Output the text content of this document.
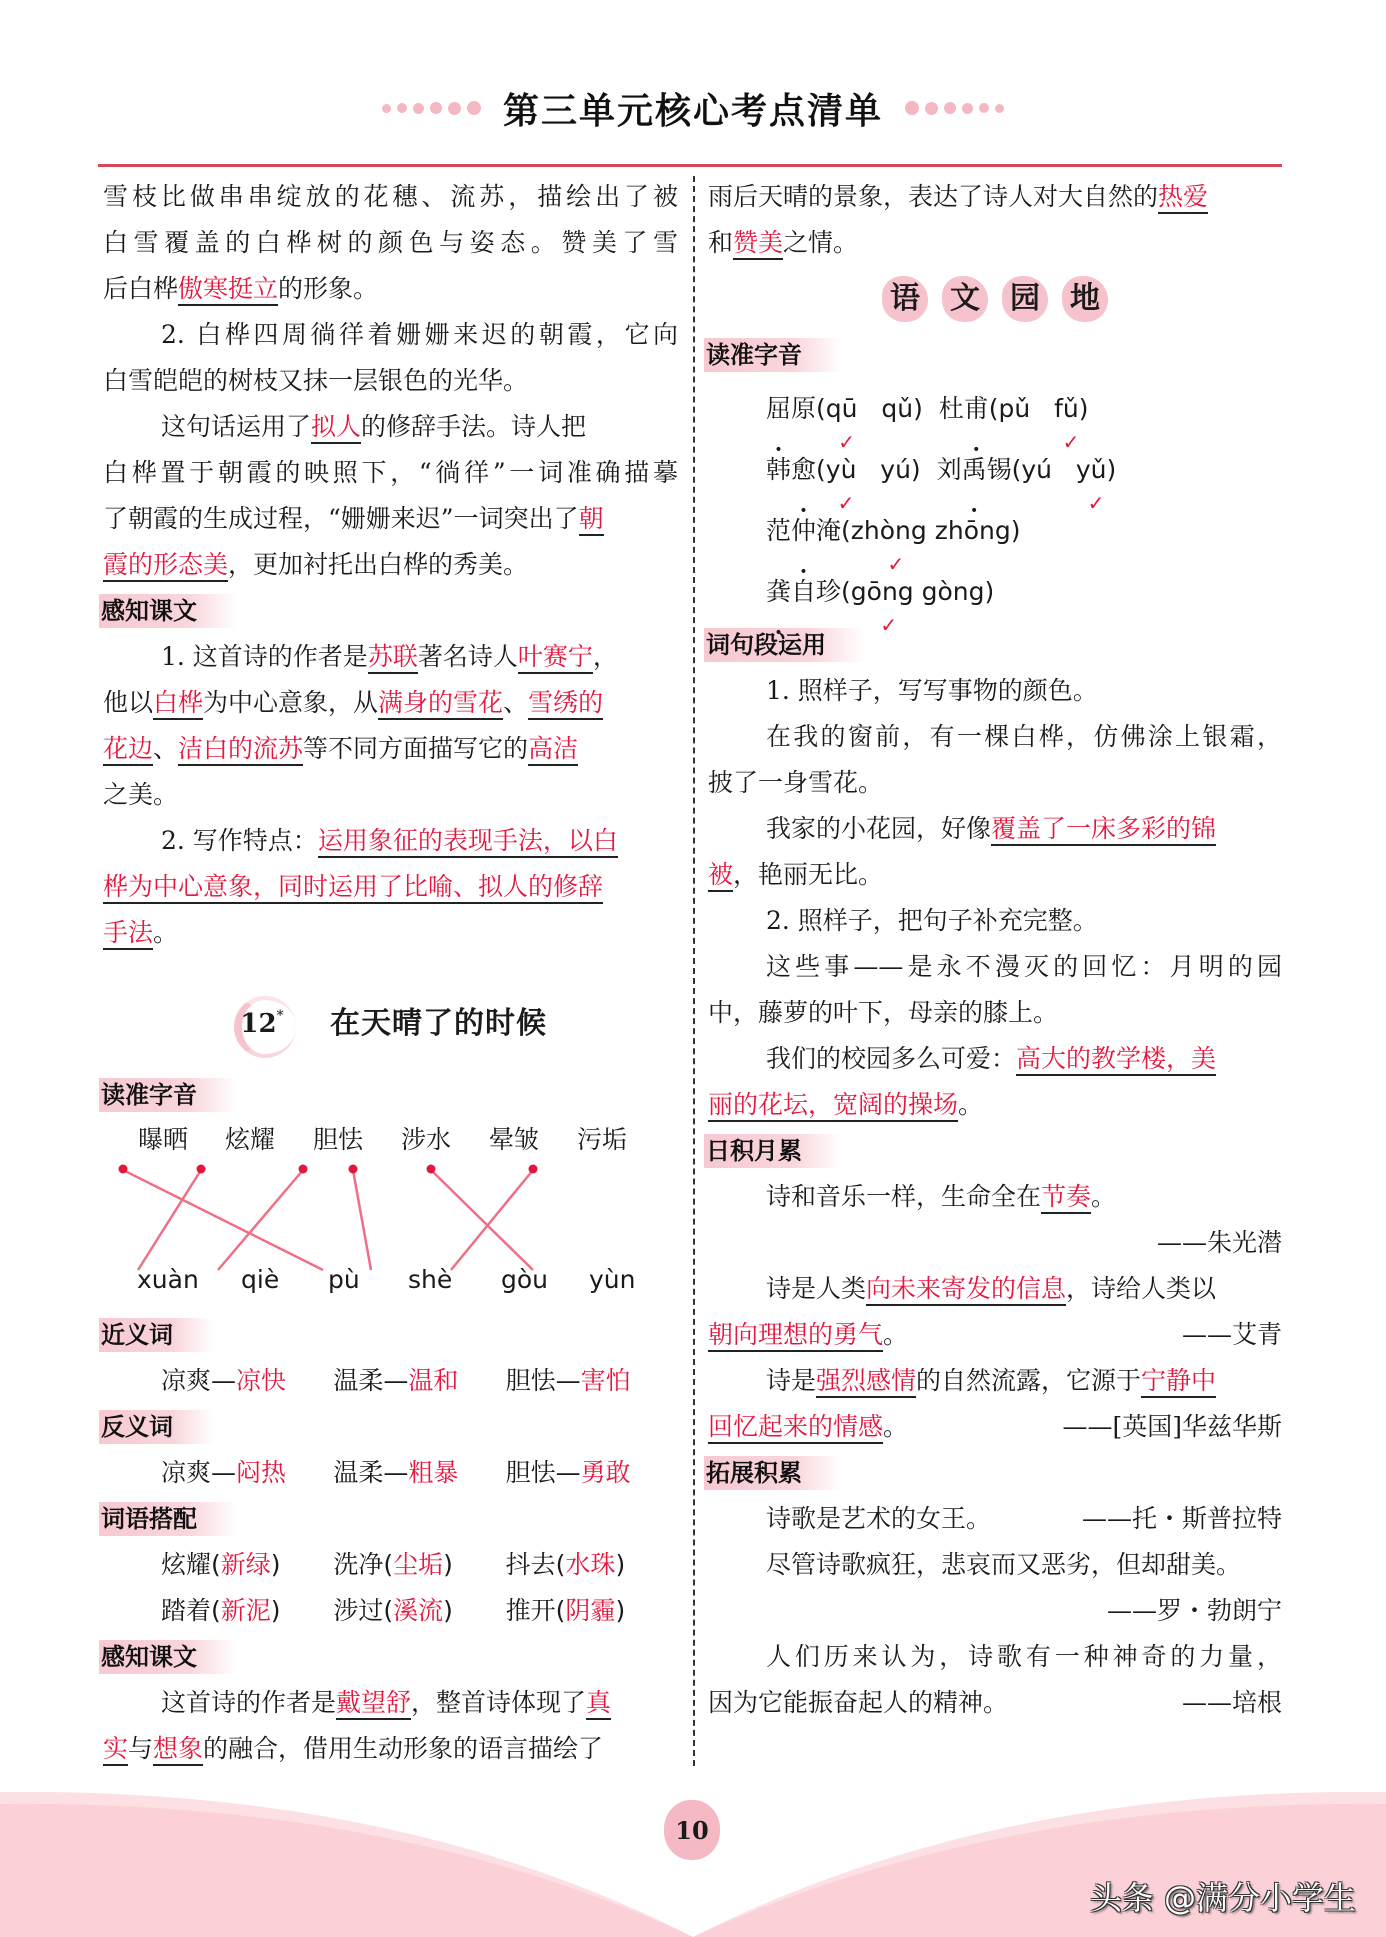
第三单元核心考点清单

雪枝比做串串绽放的花穗、流苏，描绘出了被

白雪覆盖的白桦树的颜色与姿态。赞美了雪

后白桦傲寒挺立的形象。

2. 白桦四周徜徉着姗姗来迟的朝霞，它向

白雪皑皑的树枝又抹一层银色的光华。

这句话运用了拟人的修辞手法。诗人把

白桦置于朝霞的映照下，“徜徉”一词准确描摹

了朝霞的生成过程，“姗姗来迟”一词突出了朝

霞的形态美，更加衬托出白桦的秀美。

感知课文

1. 这首诗的作者是苏联著名诗人叶赛宁，

他以白桦为中心意象，从满身的雪花、雪绣的

花边、洁白的流苏等不同方面描写它的高洁

之美。

2. 写作特点：运用象征的表现手法，以白

桦为中心意象，同时运用了比喻、拟人的修辞

手法。

12* 在天晴了的时候
读准字音
曝晒 炫耀 胆怯 涉水 晕皱 污垢
xuàn qiè pù shè gòu yùn
近义词
凉爽—凉快	温柔—温和	胆怯—害怕
反义词
凉爽—闷热	温柔—粗暴	胆怯—勇敢
词语搭配
炫耀(新绿)	洗净(尘垢)	抖去(水珠)
踏着(新泥)	涉过(溪流)	推开(阴霾)
感知课文

这首诗的作者是戴望舒，整首诗体现了真

实与想象的融合，借用生动形象的语言描绘了

雨后天晴的景象，表达了诗人对大自然的热爱

和赞美之情。

语 文 园 地
读准字音

屈原(qū ✓ qǔ)  杜甫(pǔ fǔ ✓)

韩愈(yù ✓ yú)  刘禹锡(yú yǔ ✓)

范仲淹(zhòng ✓ zhōng)

龚自珍(gōng ✓ gòng)

词句段运用

1. 照样子，写写事物的颜色。

在我的窗前，有一棵白桦，仿佛涂上银霜，

披了一身雪花。

我家的小花园，好像覆盖了一床多彩的锦

被，艳丽无比。

2. 照样子，把句子补充完整。

这些事——是永不漫灭的回忆：月明的园

中，藤萝的叶下，母亲的膝上。

我们的校园多么可爱：高大的教学楼，美

丽的花坛，宽阔的操场。

日积月累

诗和音乐一样，生命全在节奏。

——朱光潜

诗是人类向未来寄发的信息，诗给人类以

朝向理想的勇气。	——艾青

诗是强烈感情的自然流露，它源于宁静中

回忆起来的情感。	——[英国]华兹华斯

拓展积累

诗歌是艺术的女王。	——托・斯普拉特

尽管诗歌疯狂，悲哀而又恶劣，但却甜美。

——罗・勃朗宁

人们历来认为，诗歌有一种神奇的力量，

因为它能振奋起人的精神。	——培根

10
头条 @满分小学生
